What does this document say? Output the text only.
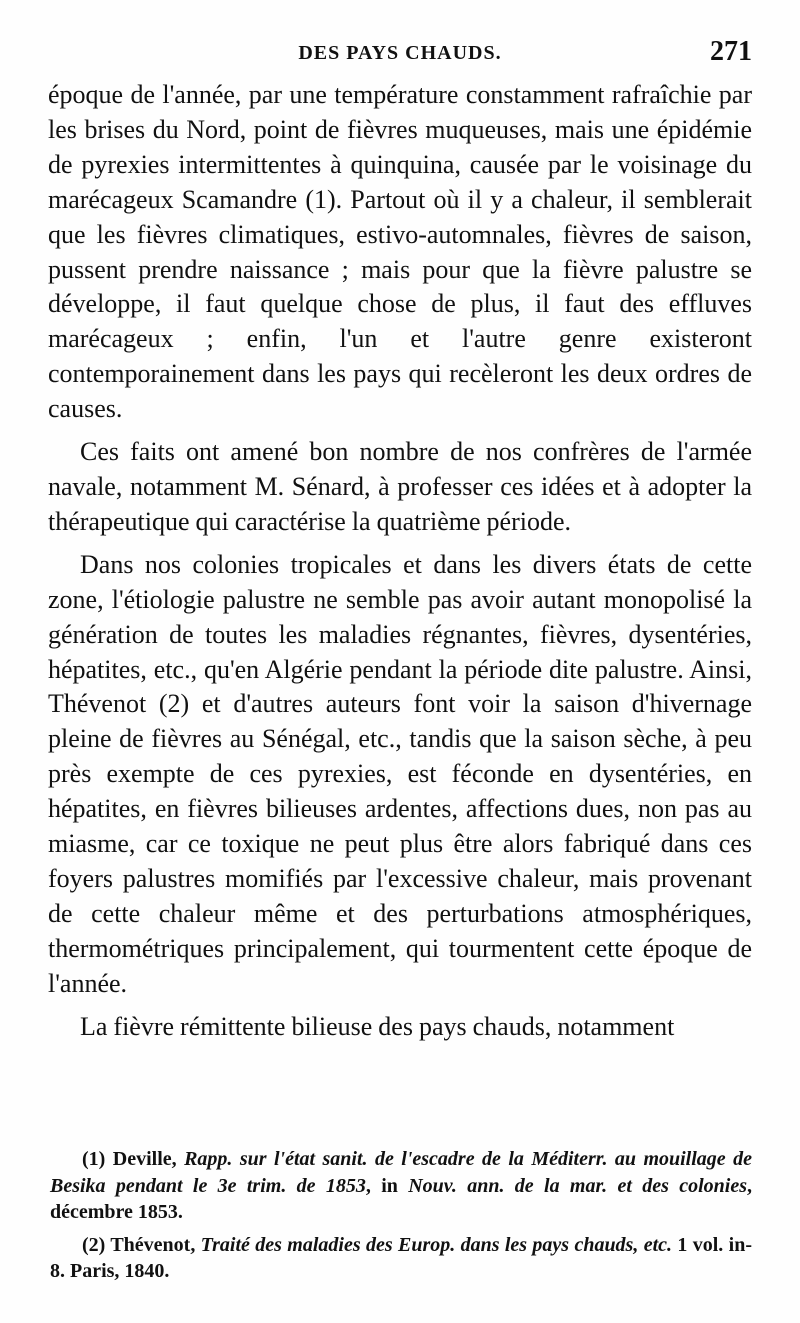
DES PAYS CHAUDS.	271

époque de l'année, par une température constamment rafraîchie par les brises du Nord, point de fièvres muqueuses, mais une épidémie de pyrexies intermittentes à quinquina, causée par le voisinage du marécageux Scamandre (1). Partout où il y a chaleur, il semblerait que les fièvres climatiques, estivo-automnales, fièvres de saison, pussent prendre naissance ; mais pour que la fièvre palustre se développe, il faut quelque chose de plus, il faut des effluves marécageux ; enfin, l'un et l'autre genre existeront contemporainement dans les pays qui recèleront les deux ordres de causes.

Ces faits ont amené bon nombre de nos confrères de l'armée navale, notamment M. Sénard, à professer ces idées et à adopter la thérapeutique qui caractérise la quatrième période.

Dans nos colonies tropicales et dans les divers états de cette zone, l'étiologie palustre ne semble pas avoir autant monopolisé la génération de toutes les maladies régnantes, fièvres, dysentéries, hépatites, etc., qu'en Algérie pendant la période dite palustre. Ainsi, Thévenot (2) et d'autres auteurs font voir la saison d'hivernage pleine de fièvres au Sénégal, etc., tandis que la saison sèche, à peu près exempte de ces pyrexies, est féconde en dysentéries, en hépatites, en fièvres bilieuses ardentes, affections dues, non pas au miasme, car ce toxique ne peut plus être alors fabriqué dans ces foyers palustres momifiés par l'excessive chaleur, mais provenant de cette chaleur même et des perturbations atmosphériques, thermométriques principalement, qui tourmentent cette époque de l'année.

La fièvre rémittente bilieuse des pays chauds, notamment

(1) Deville, Rapp. sur l'état sanit. de l'escadre de la Méditerr. au mouillage de Besika pendant le 3e trim. de 1853, in Nouv. ann. de la mar. et des colonies, décembre 1853.

(2) Thévenot, Traité des maladies des Europ. dans les pays chauds, etc. 1 vol. in-8. Paris, 1840.
